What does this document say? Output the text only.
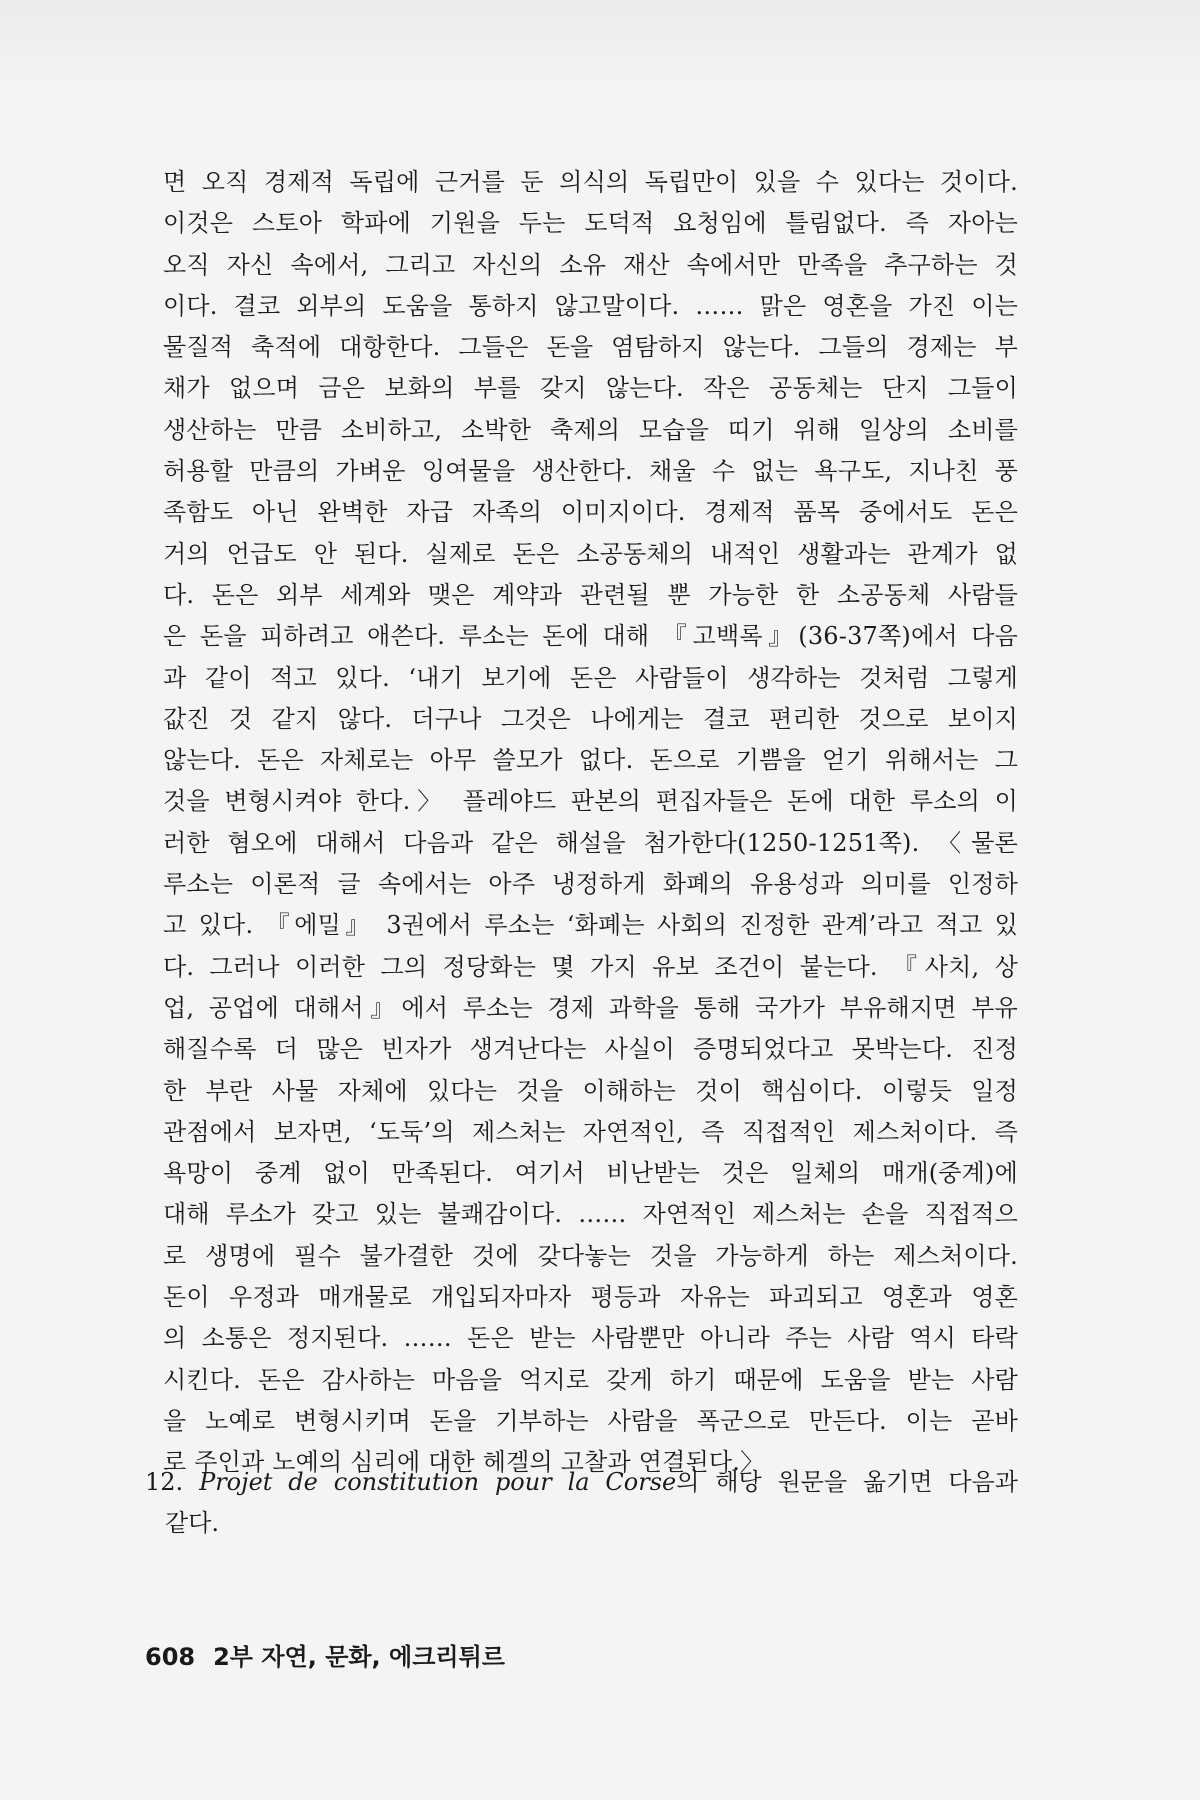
면 오직 경제적 독립에 근거를 둔 의식의 독립만이 있을 수 있다는 것이다.
이것은 스토아 학파에 기원을 두는 도덕적 요청임에 틀림없다. 즉 자아는
오직 자신 속에서, 그리고 자신의 소유 재산 속에서만 만족을 추구하는 것
이다. 결코 외부의 도움을 통하지 않고말이다. …… 맑은 영혼을 가진 이는
물질적 축적에 대항한다. 그들은 돈을 염탐하지 않는다. 그들의 경제는 부
채가 없으며 금은 보화의 부를 갖지 않는다. 작은 공동체는 단지 그들이
생산하는 만큼 소비하고, 소박한 축제의 모습을 띠기 위해 일상의 소비를
허용할 만큼의 가벼운 잉여물을 생산한다. 채울 수 없는 욕구도, 지나친 풍
족함도 아닌 완벽한 자급 자족의 이미지이다. 경제적 품목 중에서도 돈은
거의 언급도 안 된다. 실제로 돈은 소공동체의 내적인 생활과는 관계가 없
다. 돈은 외부 세계와 맺은 계약과 관련될 뿐 가능한 한 소공동체 사람들
은 돈을 피하려고 애쓴다. 루소는 돈에 대해 『고백록』(36-37쪽)에서 다음
과 같이 적고 있다. ‘내기 보기에 돈은 사람들이 생각하는 것처럼 그렇게
값진 것 같지 않다. 더구나 그것은 나에게는 결코 편리한 것으로 보이지
않는다. 돈은 자체로는 아무 쓸모가 없다. 돈으로 기쁨을 얻기 위해서는 그
것을 변형시켜야 한다.〉 플레야드 판본의 편집자들은 돈에 대한 루소의 이
러한 혐오에 대해서 다음과 같은 해설을 첨가한다(1250-1251쪽). 〈물론
루소는 이론적 글 속에서는 아주 냉정하게 화폐의 유용성과 의미를 인정하
고 있다. 『에밀』 3권에서 루소는 ‘화폐는 사회의 진정한 관계’라고 적고 있
다. 그러나 이러한 그의 정당화는 몇 가지 유보 조건이 붙는다. 『사치, 상
업, 공업에 대해서』에서 루소는 경제 과학을 통해 국가가 부유해지면 부유
해질수록 더 많은 빈자가 생겨난다는 사실이 증명되었다고 못박는다. 진정
한 부란 사물 자체에 있다는 것을 이해하는 것이 핵심이다. 이렇듯 일정
관점에서 보자면, ‘도둑’의 제스처는 자연적인, 즉 직접적인 제스처이다. 즉
욕망이 중계 없이 만족된다. 여기서 비난받는 것은 일체의 매개(중계)에
대해 루소가 갖고 있는 불쾌감이다. …… 자연적인 제스처는 손을 직접적으
로 생명에 필수 불가결한 것에 갖다놓는 것을 가능하게 하는 제스처이다.
돈이 우정과 매개물로 개입되자마자 평등과 자유는 파괴되고 영혼과 영혼
의 소통은 정지된다. …… 돈은 받는 사람뿐만 아니라 주는 사람 역시 타락
시킨다. 돈은 감사하는 마음을 억지로 갖게 하기 때문에 도움을 받는 사람
을 노예로 변형시키며 돈을 기부하는 사람을 폭군으로 만든다. 이는 곧바
로 주인과 노예의 심리에 대한 헤겔의 고찰과 연결된다.〉
12. Projet de constitution pour la Corse의 해당 원문을 옮기면 다음과
같다.
608 2부 자연, 문화, 에크리튀르
